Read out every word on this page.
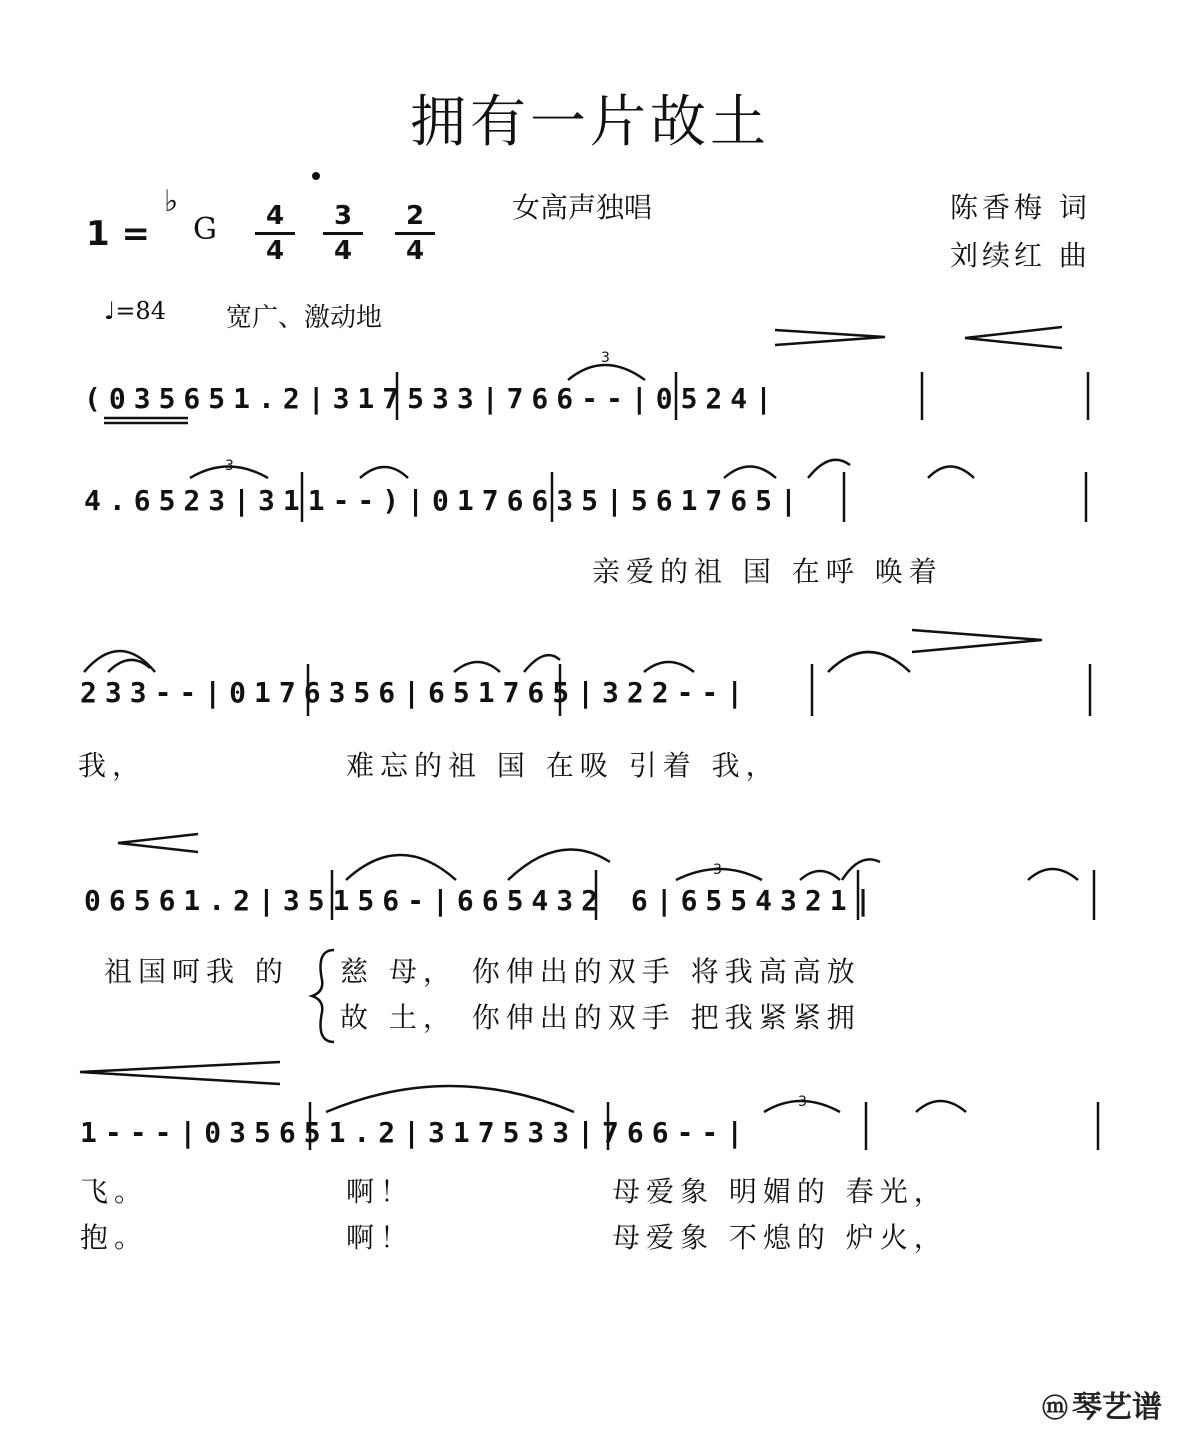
拥有一片故土
1 =
♭
G $\frac{4}{4} \frac{3}{4} \frac{2}{4}$	女高声独唱	陈香梅 词
刘续红 曲
♩=84 宽广、激动地
(035651.2|317533|766--|0524|
4.6523|311--)|0176635|561765|
亲爱的祖 国 在呼 唤着
233--|0176356|651765|322--|
我，	难忘的祖 国 在吸 引着 我，
06561.2|35156-|665432 6|6554321|
祖国呵我 的 慈 母， 你伸出的双手 将我高高放
故 土， 你伸出的双手 把我紧紧拥
1---|035651.2|317533|766--|
飞。	啊！	母爱象 明媚的 春光，
抱。	啊！	母爱象 不熄的 炉火，
ⓜ 琴艺谱
3
3
3
3
